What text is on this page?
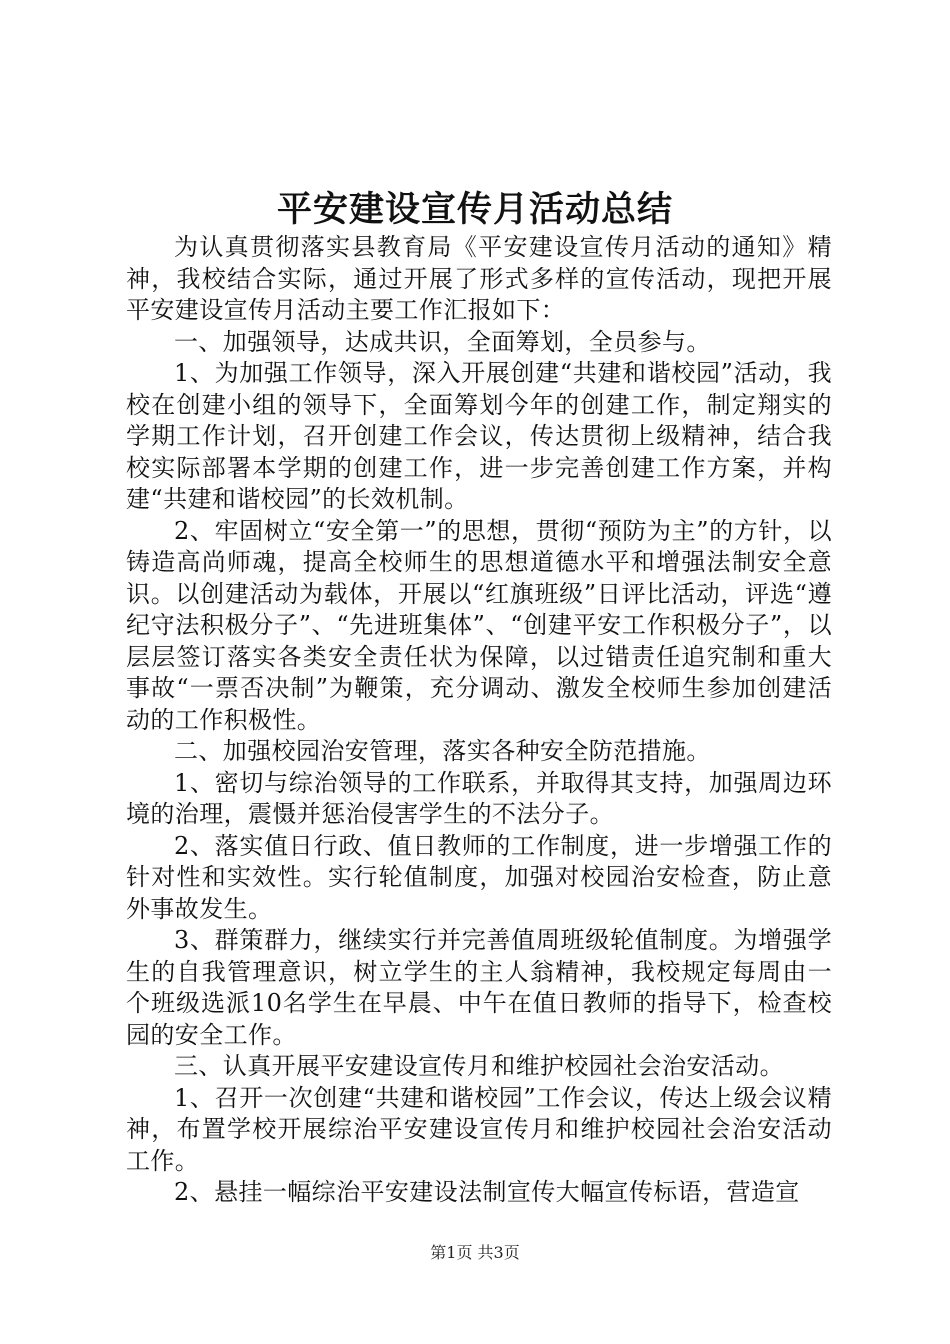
平安建设宣传月活动总结

为认真贯彻落实县教育局《平安建设宣传月活动的通知》精神，我校结合实际，通过开展了形式多样的宣传活动，现把开展平安建设宣传月活动主要工作汇报如下：

一、加强领导，达成共识，全面筹划，全员参与。

1、为加强工作领导，深入开展创建“共建和谐校园”活动，我校在创建小组的领导下，全面筹划今年的创建工作，制定翔实的学期工作计划，召开创建工作会议，传达贯彻上级精神，结合我校实际部署本学期的创建工作，进一步完善创建工作方案，并构建“共建和谐校园”的长效机制。

2、牢固树立“安全第一”的思想，贯彻“预防为主”的方针，以铸造高尚师魂，提高全校师生的思想道德水平和增强法制安全意识。以创建活动为载体，开展以“红旗班级”日评比活动，评选“遵纪守法积极分子”、“先进班集体”、“创建平安工作积极分子”，以层层签订落实各类安全责任状为保障，以过错责任追究制和重大事故“一票否决制”为鞭策，充分调动、激发全校师生参加创建活动的工作积极性。

二、加强校园治安管理，落实各种安全防范措施。

1、密切与综治领导的工作联系，并取得其支持，加强周边环境的治理，震慑并惩治侵害学生的不法分子。

2、落实值日行政、值日教师的工作制度，进一步增强工作的针对性和实效性。实行轮值制度，加强对校园治安检查，防止意外事故发生。

3、群策群力，继续实行并完善值周班级轮值制度。为增强学生的自我管理意识，树立学生的主人翁精神，我校规定每周由一个班级选派10名学生在早晨、中午在值日教师的指导下，检查校园的安全工作。

三、认真开展平安建设宣传月和维护校园社会治安活动。

1、召开一次创建“共建和谐校园”工作会议，传达上级会议精神，布置学校开展综治平安建设宣传月和维护校园社会治安活动工作。

2、悬挂一幅综治平安建设法制宣传大幅宣传标语，营造宣

第1页 共3页
